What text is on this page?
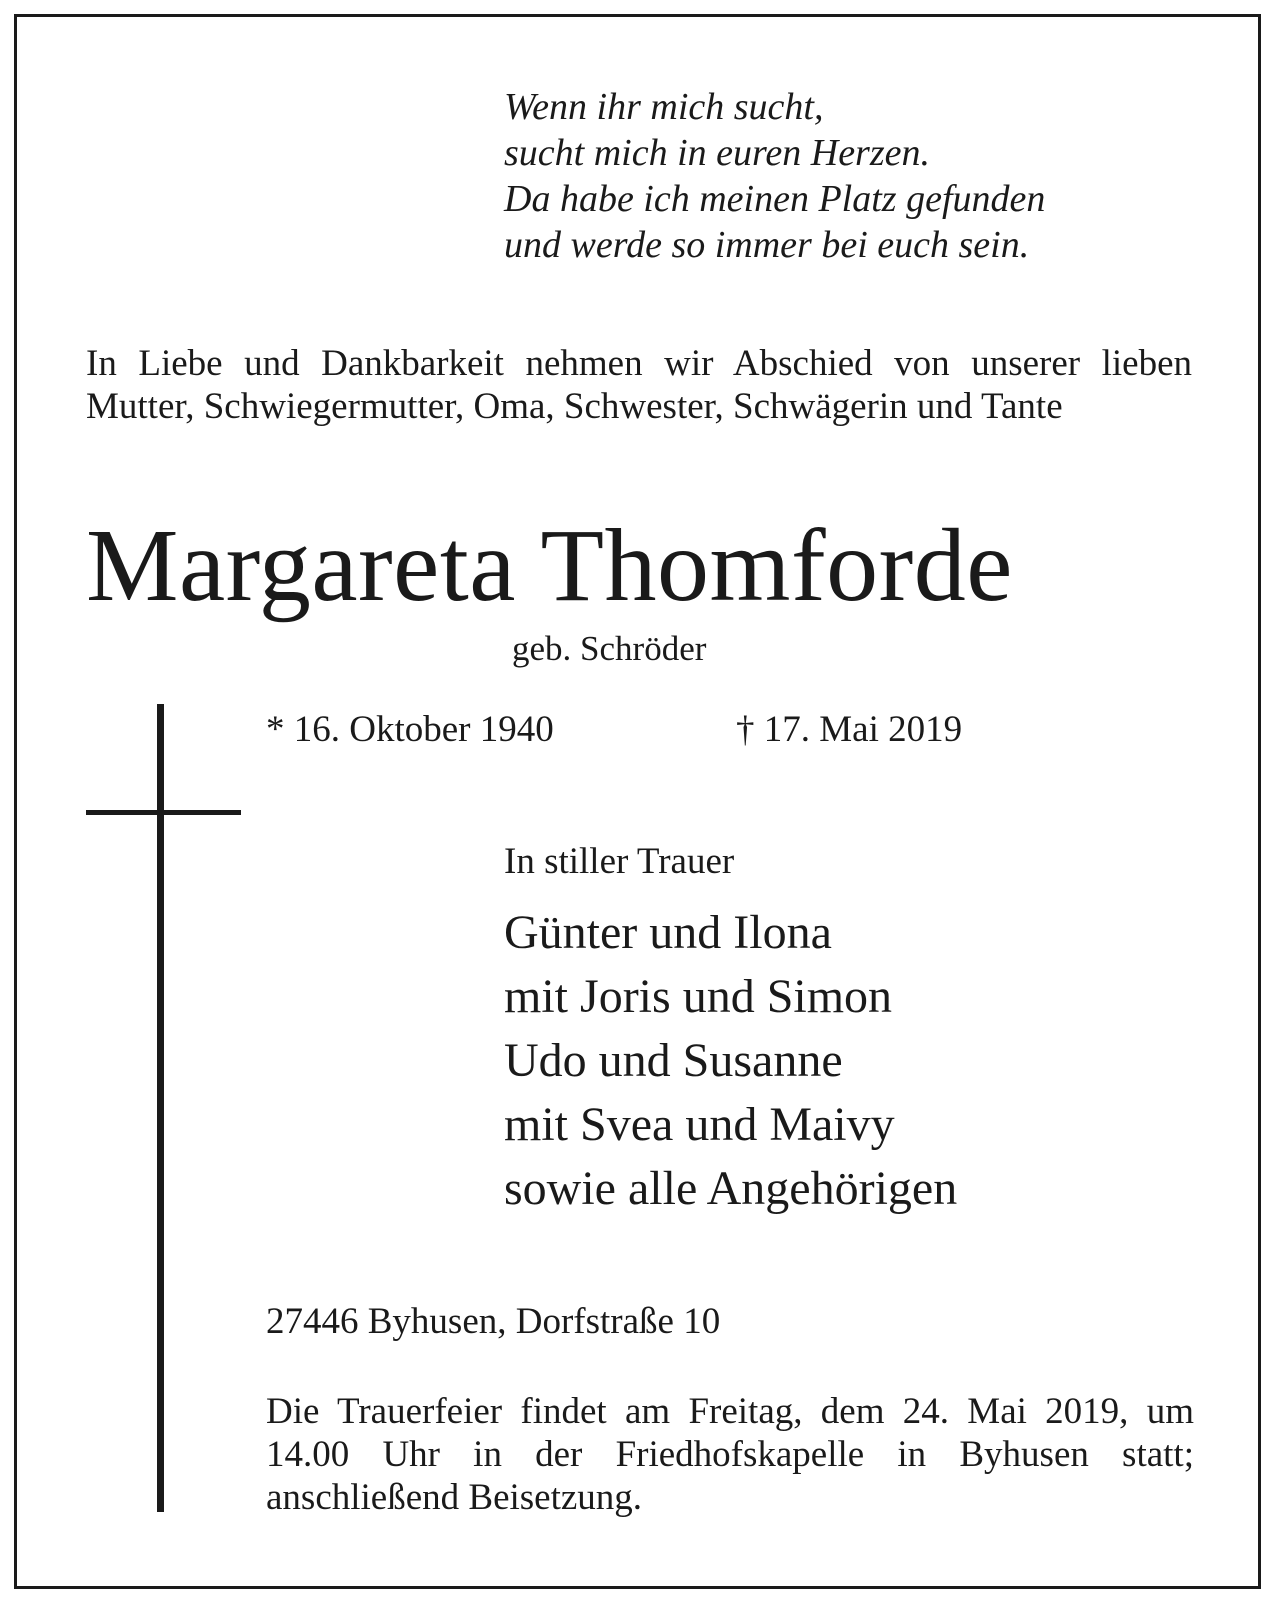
Wenn ihr mich sucht,
sucht mich in euren Herzen.
Da habe ich meinen Platz gefunden
und werde so immer bei euch sein.
In Liebe und Dankbarkeit nehmen wir Abschied von unserer lieben Mutter, Schwiegermutter, Oma, Schwester, Schwägerin und Tante
Margareta Thomforde
geb. Schröder
* 16. Oktober 1940	† 17. Mai 2019
In stiller Trauer
Günter und Ilona
mit Joris und Simon
Udo und Susanne
mit Svea und Maivy
sowie alle Angehörigen
27446 Byhusen, Dorfstraße 10
Die Trauerfeier findet am Freitag, dem 24. Mai 2019, um 14.00 Uhr in der Friedhofskapelle in Byhusen statt; anschließend Beisetzung.
